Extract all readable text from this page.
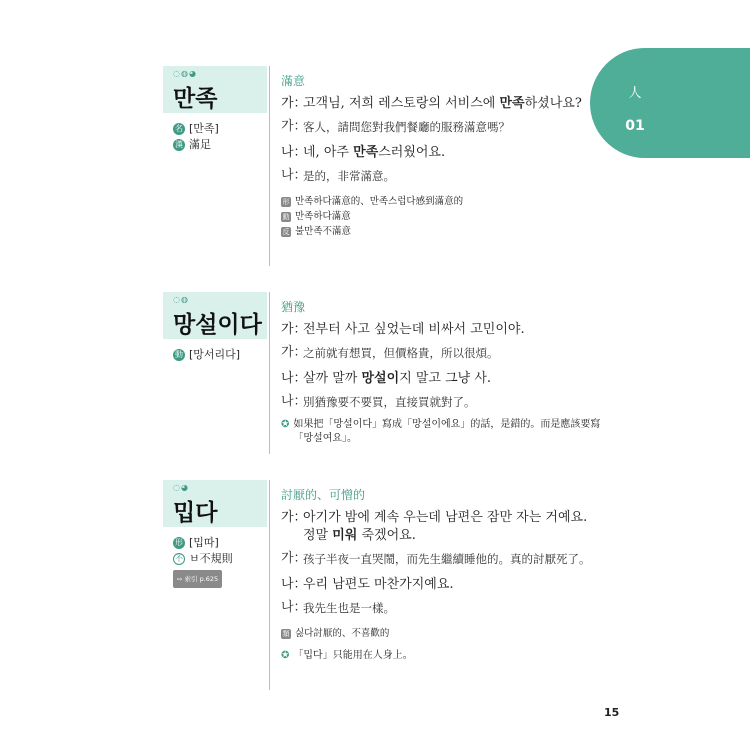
人
01
◌◍◕
만족
名 [만족]
漢 滿足
滿意
가：
고객님, 저희 레스토랑의 서비스에 만족하셨나요?
가：
客人，請問您對我們餐廳的服務滿意嗎？
나：
네, 아주 만족스러웠어요.
나：
是的，非常滿意。
形 만족하다滿意的、만족스럽다感到滿意的
動 만족하다滿意
反 불만족不滿意
◌◍
망설이다
動 [망서리다]
猶豫
가：
전부터 사고 싶었는데 비싸서 고민이야.
가：
之前就有想買，但價格貴，所以很煩。
나：
살까 말까 망설이지 말고 그냥 사.
나：
別猶豫要不要買，直接買就對了。
✪ 如果把「망설이다」寫成「망설이에요」的話，是錯的。而是應該要寫「망설여요」。
◌◕
밉다
形 [밉따]
不 ㅂ不規則
⇨ 索引 p.625
討厭的、可憎的
가：
아기가 밤에 계속 우는데 남편은 잠만 자는 거예요. 정말 미워 죽겠어요.
가：
孩子半夜一直哭鬧，而先生繼續睡他的。真的討厭死了。
나：
우리 남편도 마찬가지예요.
나：
我先生也是一樣。
類 싫다討厭的、不喜歡的
✪ 「밉다」只能用在人身上。
15
